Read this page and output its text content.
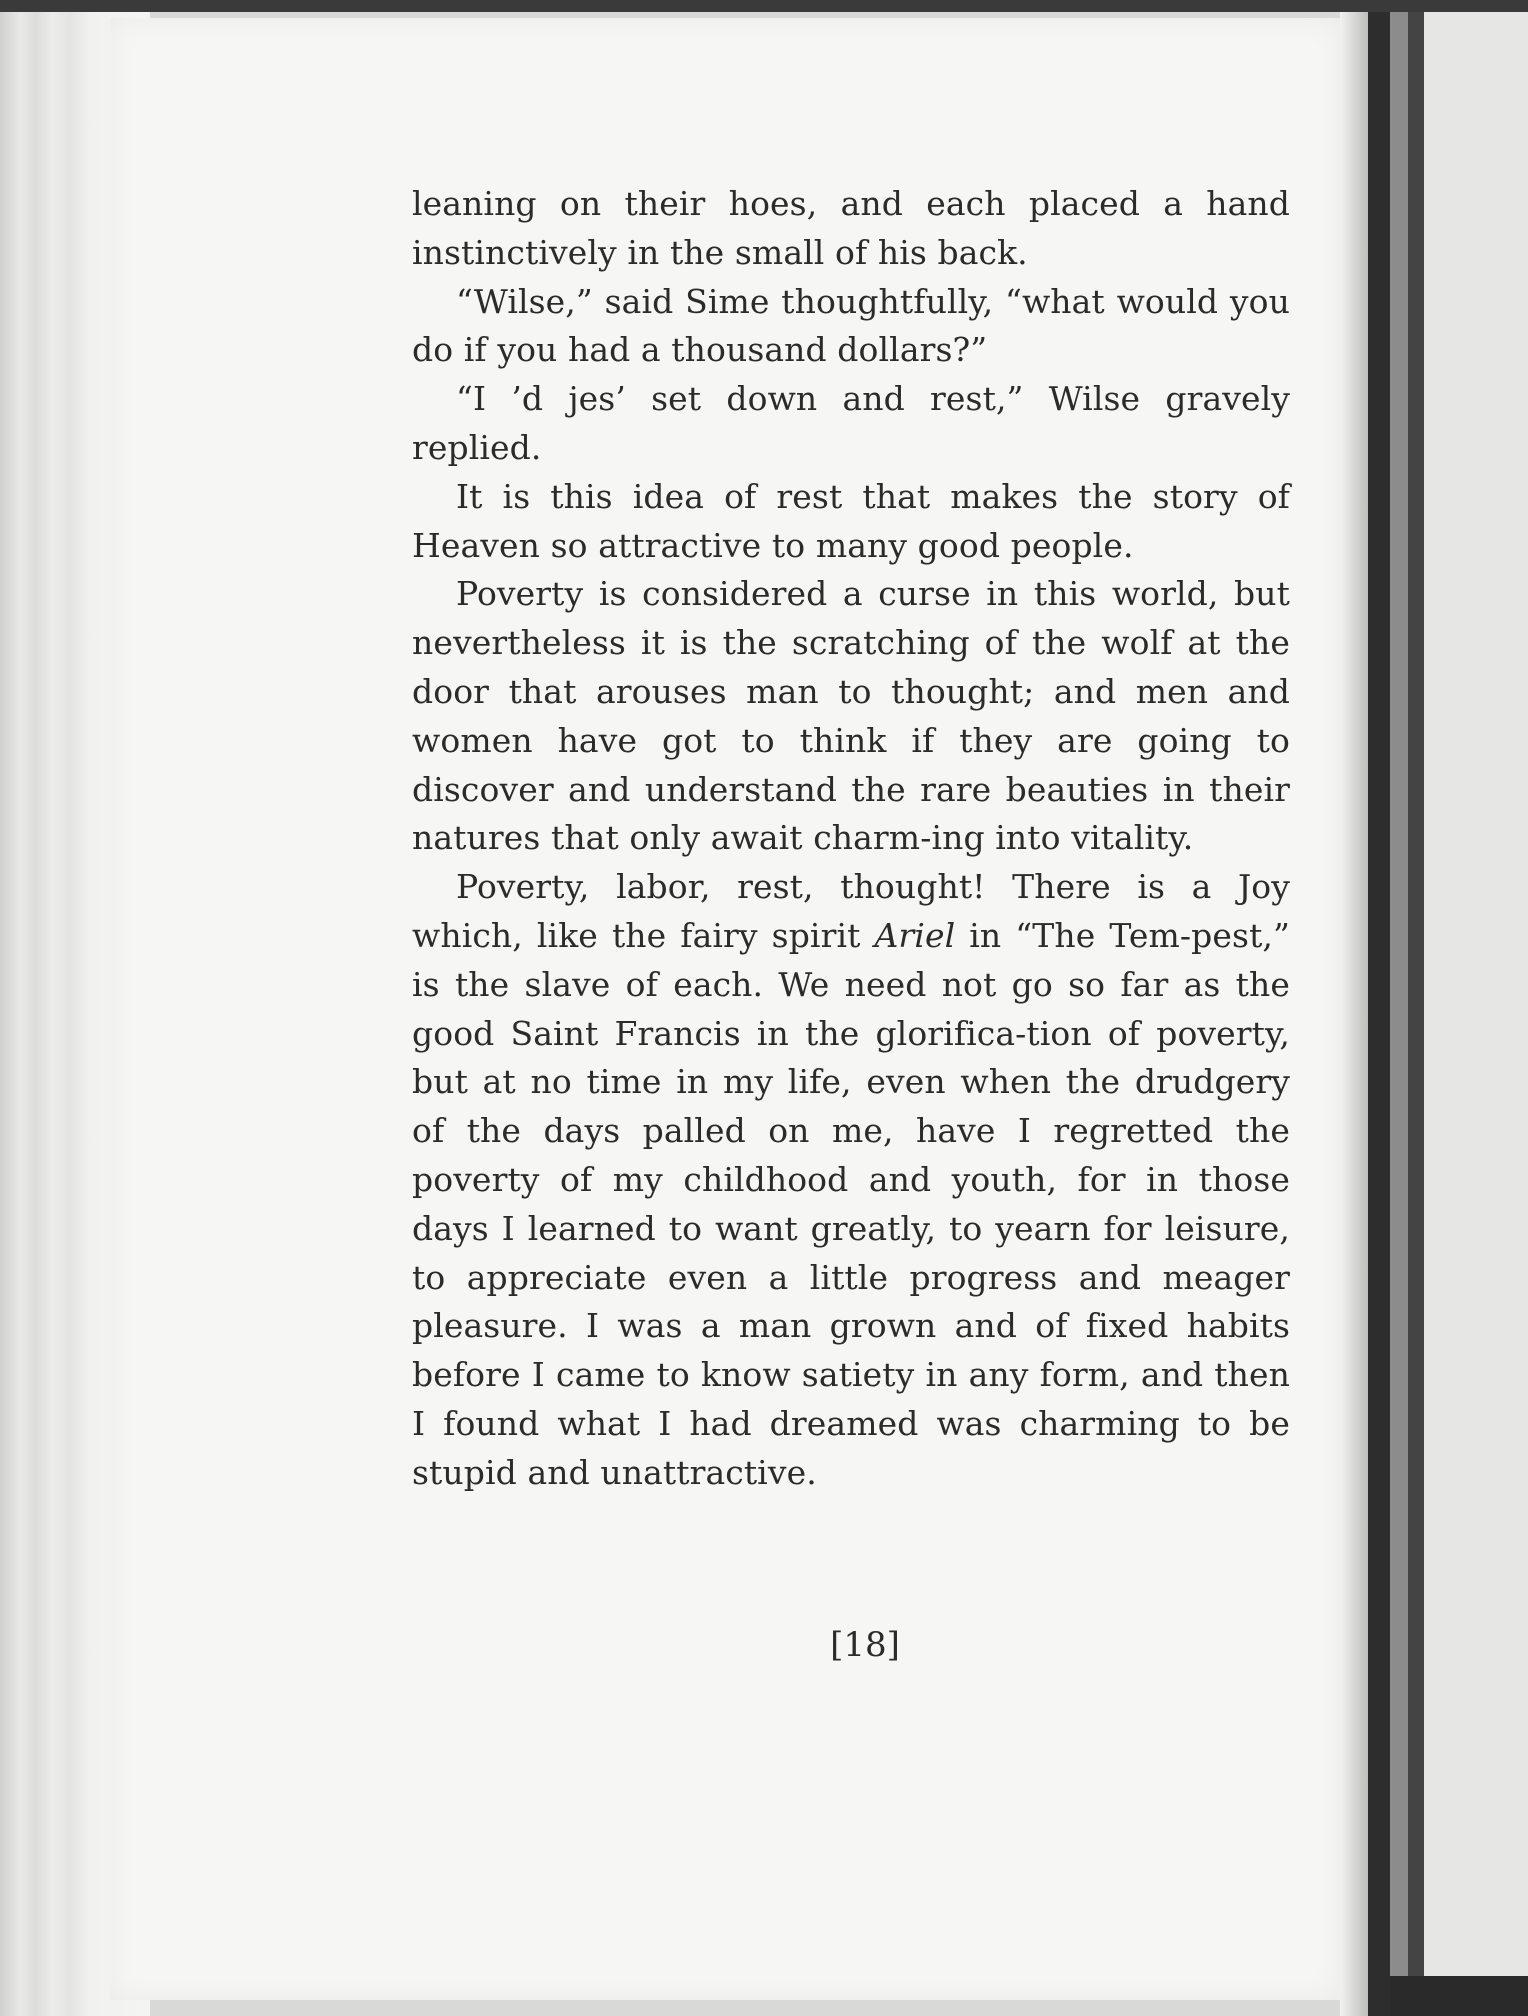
leaning on their hoes, and each placed a hand instinctively in the small of his back.

“Wilse,” said Sime thoughtfully, “what would you do if you had a thousand dollars?”

“I ’d jes’ set down and rest,” Wilse gravely replied.

It is this idea of rest that makes the story of Heaven so attractive to many good people.

Poverty is considered a curse in this world, but nevertheless it is the scratching of the wolf at the door that arouses man to thought; and men and women have got to think if they are going to discover and understand the rare beauties in their natures that only await charm-ing into vitality.

Poverty, labor, rest, thought! There is a Joy which, like the fairy spirit Ariel in “The Tem-pest,” is the slave of each. We need not go so far as the good Saint Francis in the glorifica-tion of poverty, but at no time in my life, even when the drudgery of the days palled on me, have I regretted the poverty of my childhood and youth, for in those days I learned to want greatly, to yearn for leisure, to appreciate even a little progress and meager pleasure. I was a man grown and of fixed habits before I came to know satiety in any form, and then I found what I had dreamed was charming to be stupid and unattractive.

[18]
